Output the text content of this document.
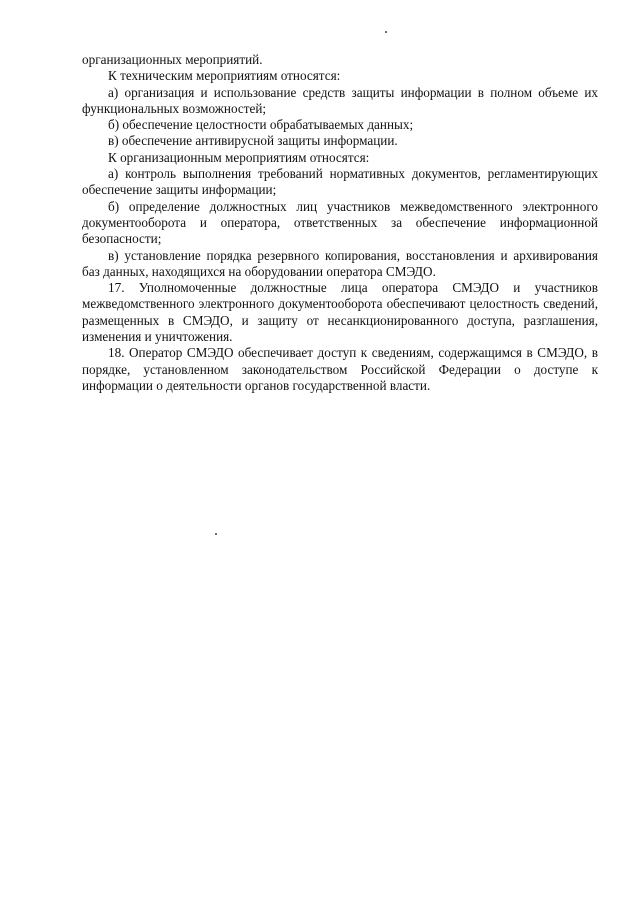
организационных мероприятий.

К техническим мероприятиям относятся:

а) организация и использование средств защиты информации в полном объеме их функциональных возможностей;

б) обеспечение целостности обрабатываемых данных;

в) обеспечение антивирусной защиты информации.

К организационным мероприятиям относятся:

а) контроль выполнения требований нормативных документов, регламентирующих обеспечение защиты информации;

б) определение должностных лиц участников межведомственного электронного документооборота и оператора, ответственных за обеспечение информационной безопасности;

в) установление порядка резервного копирования, восстановления и архивирования баз данных, находящихся на оборудовании оператора СМЭДО.

17. Уполномоченные должностные лица оператора СМЭДО и участников межведомственного электронного документооборота обеспечивают целостность сведений, размещенных в СМЭДО, и защиту от несанкционированного доступа, разглашения, изменения и уничтожения.

18. Оператор СМЭДО обеспечивает доступ к сведениям, содержащимся в СМЭДО, в порядке, установленном законодательством Российской Федерации о доступе к информации о деятельности органов государственной власти.
